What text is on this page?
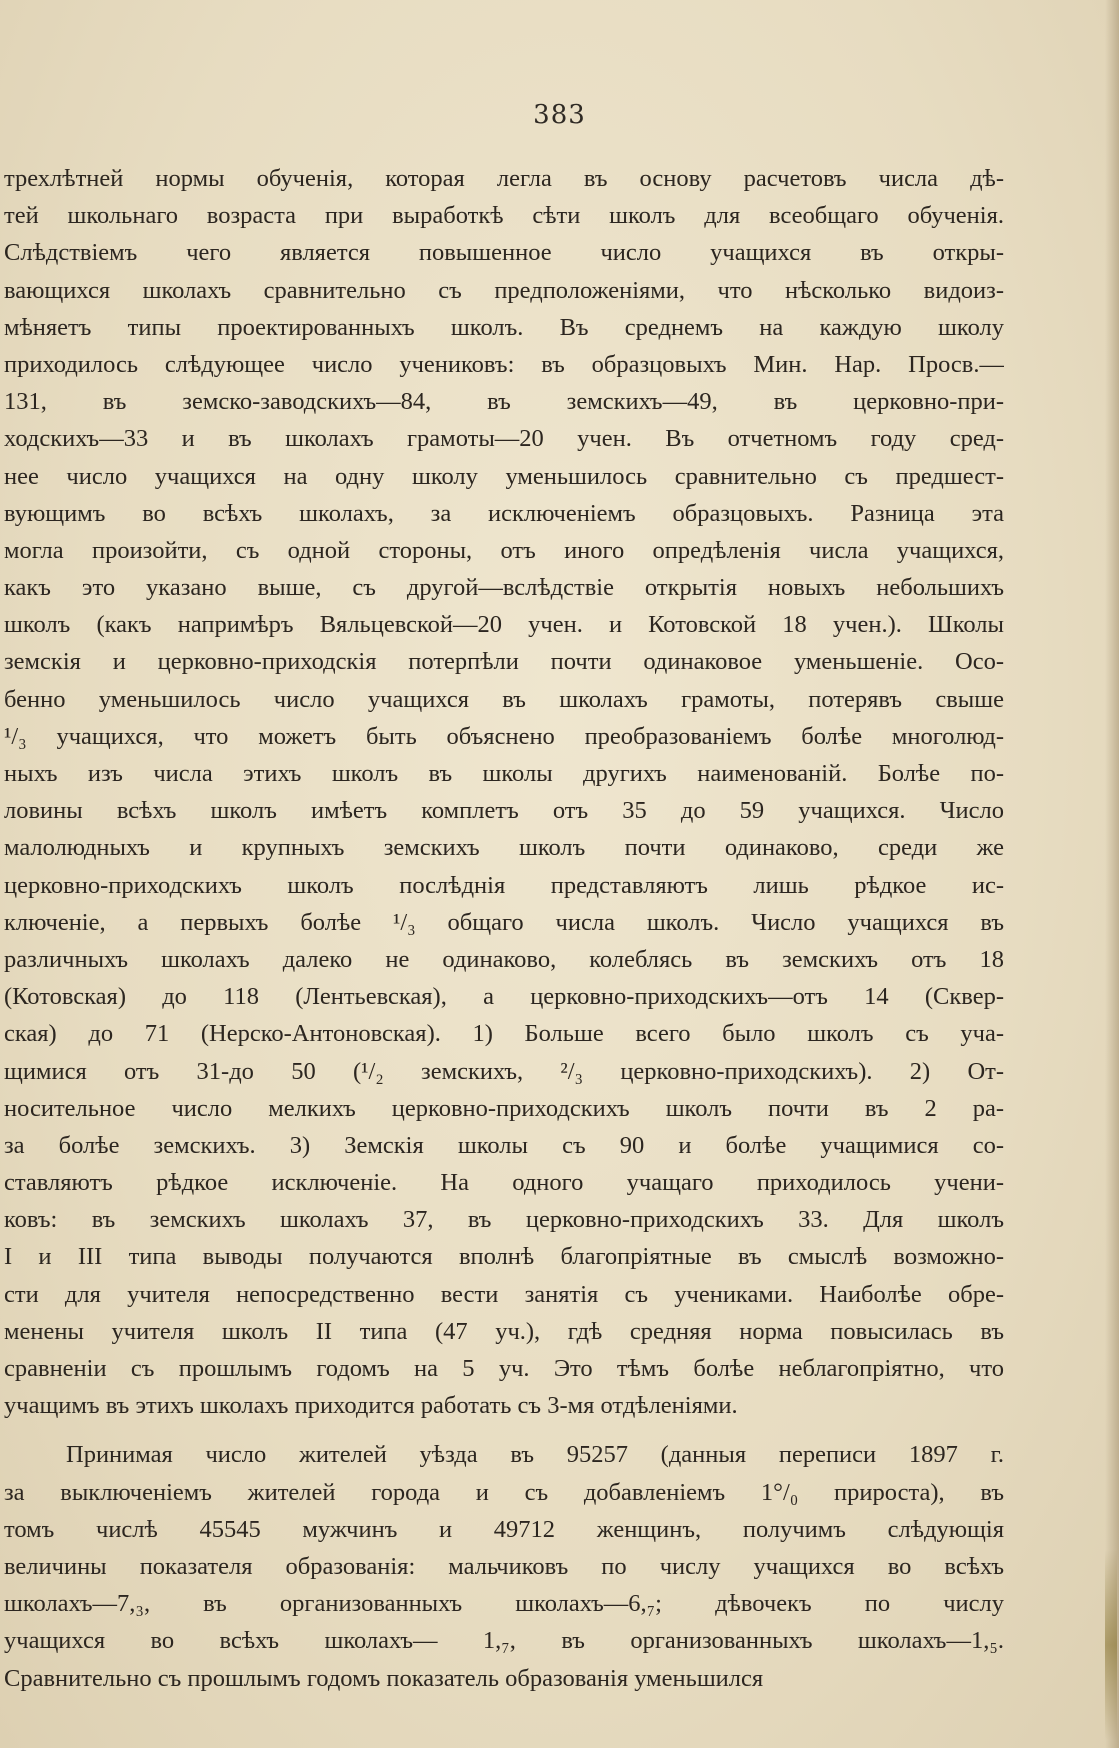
383
трехлѣтней нормы обученія, которая легла въ основу расчетовъ числа дѣ-
тей школьнаго возраста при выработкѣ сѣти школъ для всеобщаго обученія.
Слѣдствіемъ чего является повышенное число учащихся въ откры-
вающихся школахъ сравнительно съ предположеніями, что нѣсколько видоиз-
мѣняетъ типы проектированныхъ школъ. Въ среднемъ на каждую школу
приходилось слѣдующее число учениковъ: въ образцовыхъ Мин. Нар. Просв.—
131, въ земско-заводскихъ—84, въ земскихъ—49, въ церковно-при-
ходскихъ—33 и въ школахъ грамоты—20 учен. Въ отчетномъ году сред-
нее число учащихся на одну школу уменьшилось сравнительно съ предшест-
вующимъ во всѣхъ школахъ, за исключеніемъ образцовыхъ. Разница эта
могла произойти, съ одной стороны, отъ иного опредѣленія числа учащихся,
какъ это указано выше, съ другой—вслѣдствіе открытія новыхъ небольшихъ
школъ (какъ напримѣръ Вяльцевской—20 учен. и Котовской 18 учен.). Школы
земскія и церковно-приходскія потерпѣли почти одинаковое уменьшеніе. Осо-
бенно уменьшилось число учащихся въ школахъ грамоты, потерявъ свыше
¹/₃ учащихся, что можетъ быть объяснено преобразованіемъ болѣе многолюд-
ныхъ изъ числа этихъ школъ въ школы другихъ наименованій. Болѣе по-
ловины всѣхъ школъ имѣетъ комплетъ отъ 35 до 59 учащихся. Число
малолюдныхъ и крупныхъ земскихъ школъ почти одинаково, среди же
церковно-приходскихъ школъ послѣднія представляютъ лишь рѣдкое ис-
ключеніе, а первыхъ болѣе ¹/₃ общаго числа школъ. Число учащихся въ
различныхъ школахъ далеко не одинаково, колеблясь въ земскихъ отъ 18
(Котовская) до 118 (Лентьевская), а церковно-приходскихъ—отъ 14 (Сквер-
ская) до 71 (Нерско-Антоновская). 1) Больше всего было школъ съ уча-
щимися отъ 31-до 50 (¹/₂ земскихъ, ²/₃ церковно-приходскихъ). 2) От-
носительное число мелкихъ церковно-приходскихъ школъ почти въ 2 ра-
за болѣе земскихъ. 3) Земскія школы съ 90 и болѣе учащимися со-
ставляютъ рѣдкое исключеніе. На одного учащаго приходилось учени-
ковъ: въ земскихъ школахъ 37, въ церковно-приходскихъ 33. Для школъ
I и III типа выводы получаются вполнѣ благопріятные въ смыслѣ возможно-
сти для учителя непосредственно вести занятія съ учениками. Наиболѣе обре-
менены учителя школъ II типа (47 уч.), гдѣ средняя норма повысилась въ
сравненіи съ прошлымъ годомъ на 5 уч. Это тѣмъ болѣе неблагопріятно, что
учащимъ въ этихъ школахъ приходится работать съ 3-мя отдѣленіями.
Принимая число жителей уѣзда въ 95257 (данныя переписи 1897 г.
за выключеніемъ жителей города и съ добавленіемъ 1°/₀ прироста), въ
томъ числѣ 45545 мужчинъ и 49712 женщинъ, получимъ слѣдующія
величины показателя образованія: мальчиковъ по числу учащихся во всѣхъ
школахъ—7,₃, въ организованныхъ школахъ—6,₇; дѣвочекъ по числу
учащихся во всѣхъ школахъ— 1,₇, въ организованныхъ школахъ—1,₅.
Сравнительно съ прошлымъ годомъ показатель образованія уменьшился
